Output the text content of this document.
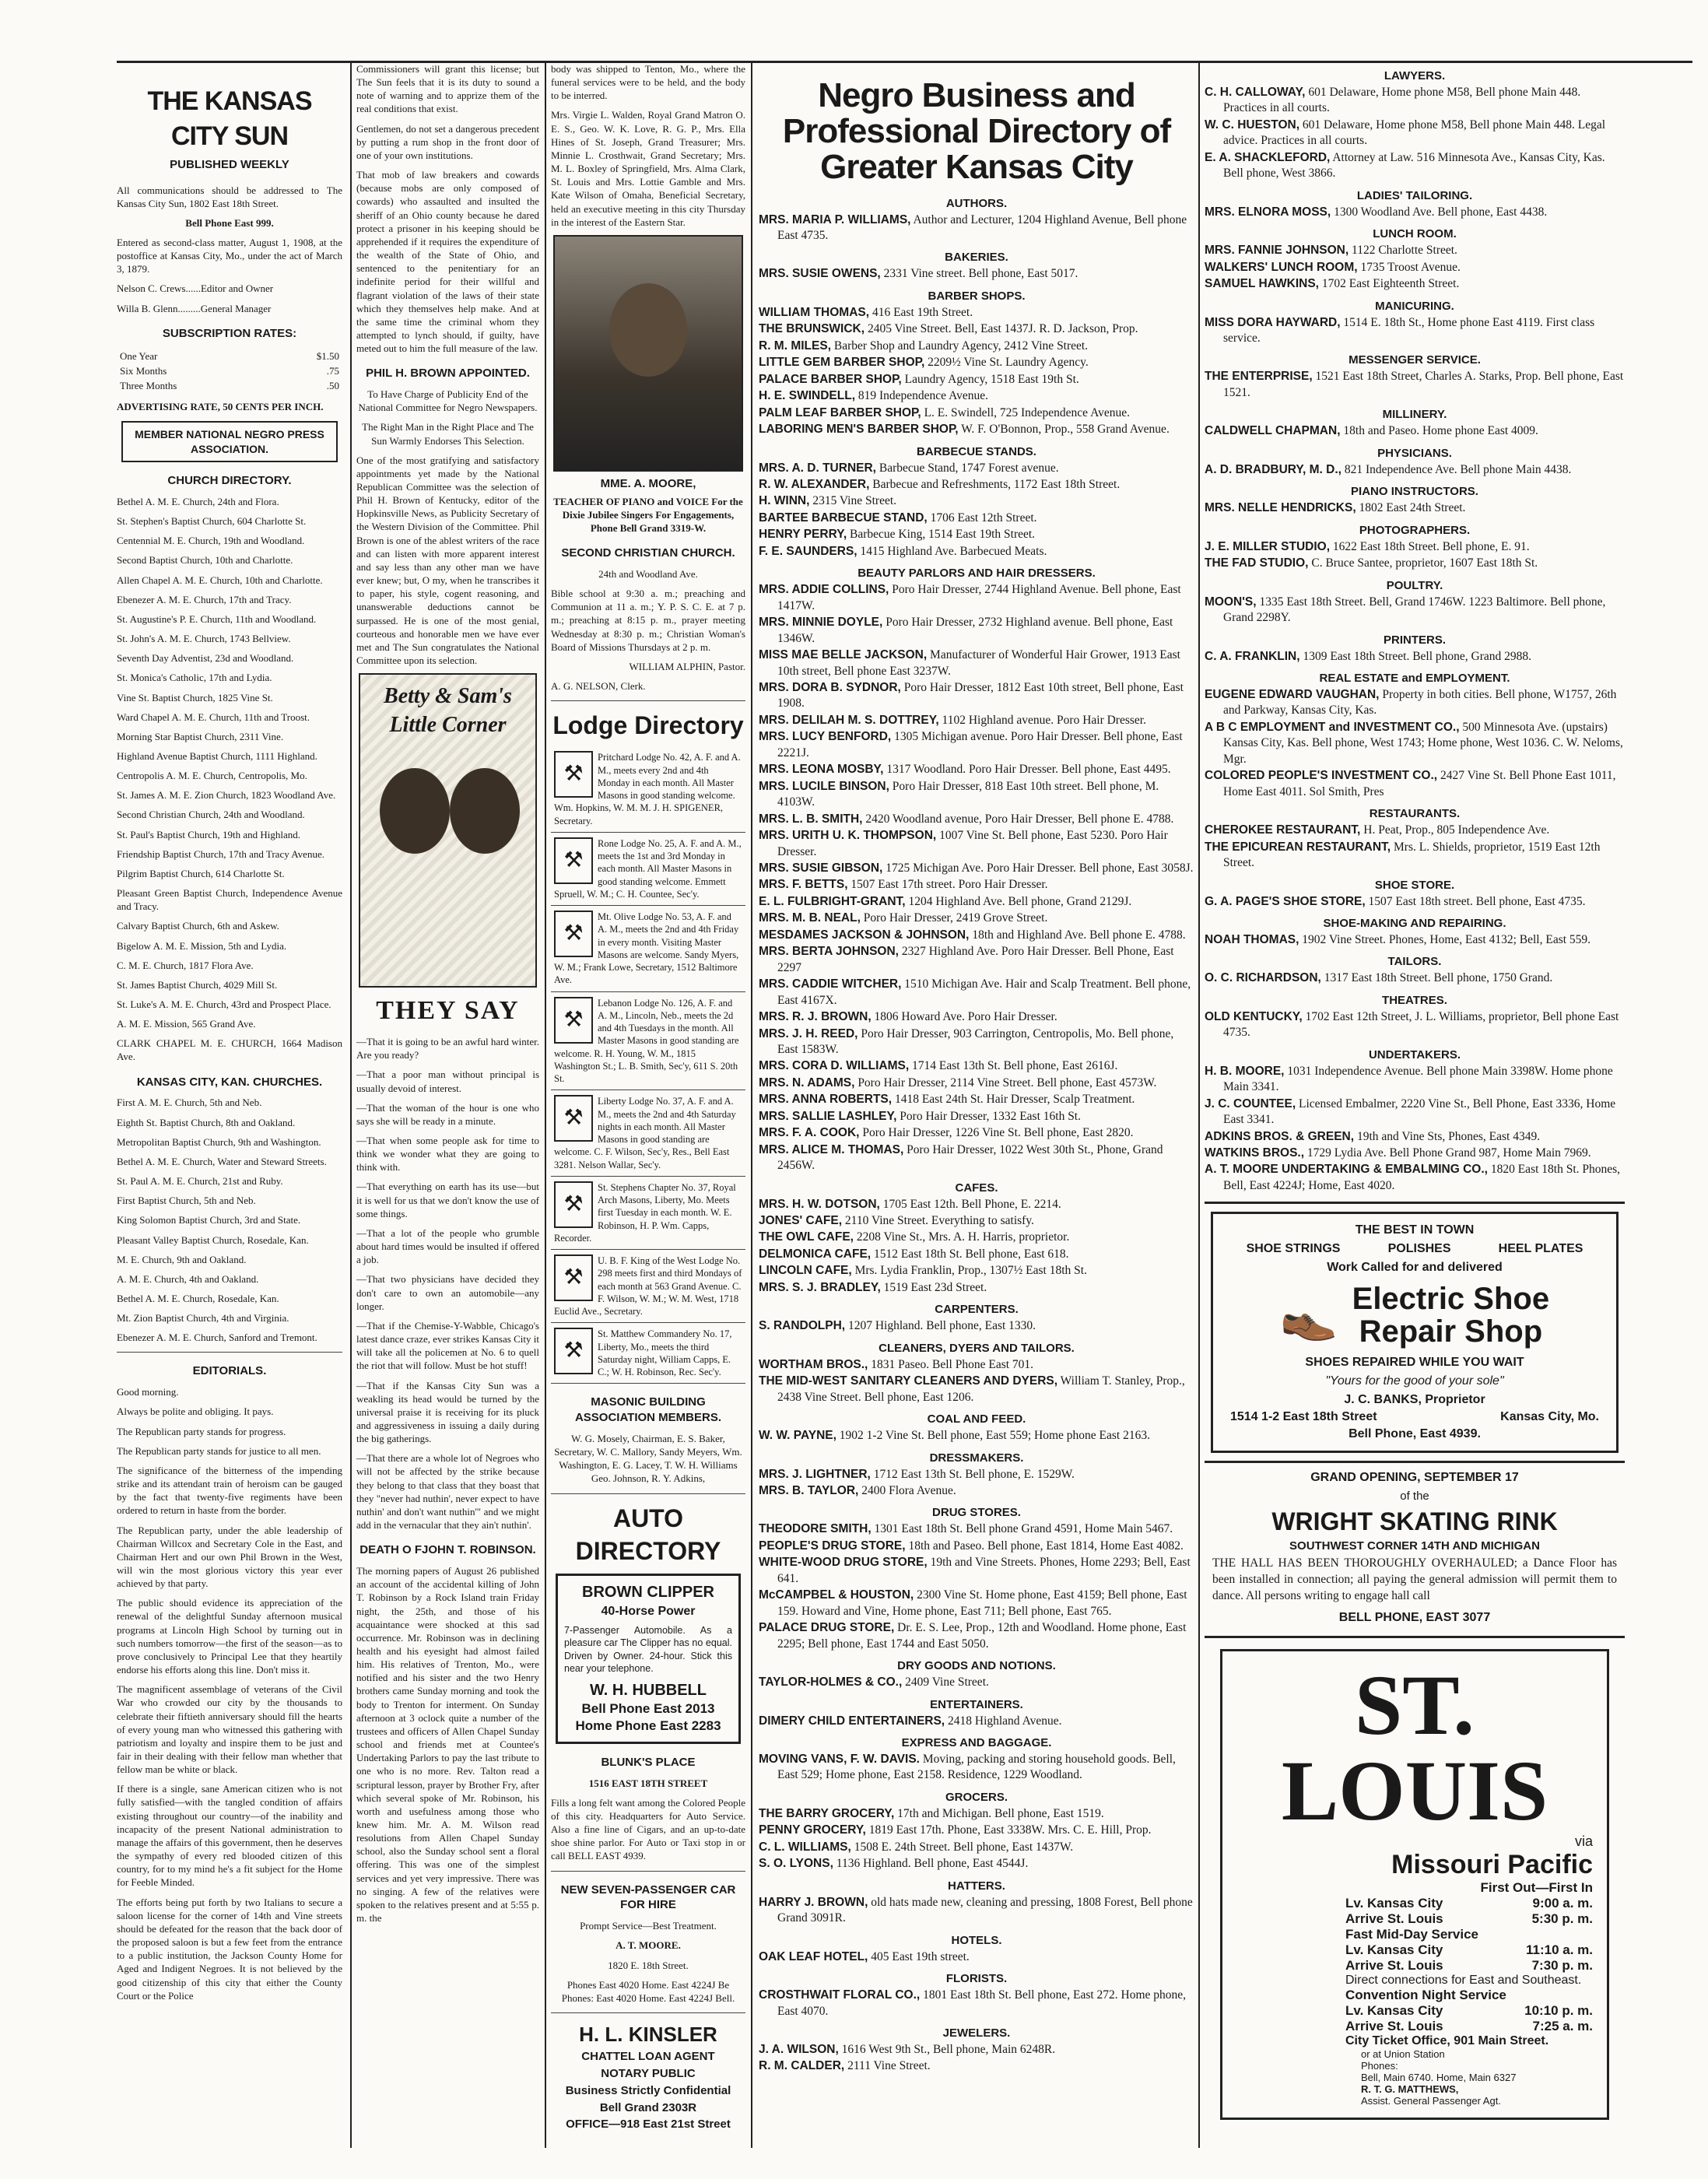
THE KANSAS CITY SUN
PUBLISHED WEEKLY

All communications should be addressed to The Kansas City Sun, 1802 East 18th Street.

Bell Phone East 999.

Entered as second-class matter, August 1, 1908, at the postoffice at Kansas City, Mo., under the act of March 3, 1879.

Nelson C. Crews......Editor and Owner

Willa B. Glenn.........General Manager

SUBSCRIPTION RATES:
One Year	$1.50
Six Months	.75
Three Months	.50

ADVERTISING RATE, 50 CENTS PER INCH.

MEMBER NATIONAL NEGRO PRESS ASSOCIATION.
CHURCH DIRECTORY.

Bethel A. M. E. Church, 24th and Flora.

St. Stephen's Baptist Church, 604 Charlotte St.

Centennial M. E. Church, 19th and Woodland.

Second Baptist Church, 10th and Charlotte.

Allen Chapel A. M. E. Church, 10th and Charlotte.

Ebenezer A. M. E. Church, 17th and Tracy.

St. Augustine's P. E. Church, 11th and Woodland.

St. John's A. M. E. Church, 1743 Bellview.

Seventh Day Adventist, 23d and Woodland.

St. Monica's Catholic, 17th and Lydia.

Vine St. Baptist Church, 1825 Vine St.

Ward Chapel A. M. E. Church, 11th and Troost.

Morning Star Baptist Church, 2311 Vine.

Highland Avenue Baptist Church, 1111 Highland.

Centropolis A. M. E. Church, Centropolis, Mo.

St. James A. M. E. Zion Church, 1823 Woodland Ave.

Second Christian Church, 24th and Woodland.

St. Paul's Baptist Church, 19th and Highland.

Friendship Baptist Church, 17th and Tracy Avenue.

Pilgrim Baptist Church, 614 Charlotte St.

Pleasant Green Baptist Church, Independence Avenue and Tracy.

Calvary Baptist Church, 6th and Askew.

Bigelow A. M. E. Mission, 5th and Lydia.

C. M. E. Church, 1817 Flora Ave.

St. James Baptist Church, 4029 Mill St.

St. Luke's A. M. E. Church, 43rd and Prospect Place.

A. M. E. Mission, 565 Grand Ave.

CLARK CHAPEL M. E. CHURCH, 1664 Madison Ave.

KANSAS CITY, KAN. CHURCHES.

First A. M. E. Church, 5th and Neb.

Eighth St. Baptist Church, 8th and Oakland.

Metropolitan Baptist Church, 9th and Washington.

Bethel A. M. E. Church, Water and Steward Streets.

St. Paul A. M. E. Church, 21st and Ruby.

First Baptist Church, 5th and Neb.

King Solomon Baptist Church, 3rd and State.

Pleasant Valley Baptist Church, Rosedale, Kan.

M. E. Church, 9th and Oakland.

A. M. E. Church, 4th and Oakland.

Bethel A. M. E. Church, Rosedale, Kan.

Mt. Zion Baptist Church, 4th and Virginia.

Ebenezer A. M. E. Church, Sanford and Tremont.

EDITORIALS.

Good morning.

Always be polite and obliging. It pays.

The Republican party stands for progress.

The Republican party stands for justice to all men.

The significance of the bitterness of the impending strike and its attendant train of heroism can be gauged by the fact that twenty-five regiments have been ordered to return in haste from the border.

The Republican party, under the able leadership of Chairman Willcox and Secretary Cole in the East, and Chairman Hert and our own Phil Brown in the West, will win the most glorious victory this year ever achieved by that party.

The public should evidence its appreciation of the renewal of the delightful Sunday afternoon musical programs at Lincoln High School by turning out in such numbers tomorrow—the first of the season—as to prove conclusively to Principal Lee that they heartily endorse his efforts along this line. Don't miss it.

The magnificent assemblage of veterans of the Civil War who crowded our city by the thousands to celebrate their fiftieth anniversary should fill the hearts of every young man who witnessed this gathering with patriotism and loyalty and inspire them to be just and fair in their dealing with their fellow man whether that fellow man be white or black.

If there is a single, sane American citizen who is not fully satisfied—with the tangled condition of affairs existing throughout our country—of the inability and incapacity of the present National administration to manage the affairs of this government, then he deserves the sympathy of every red blooded citizen of this country, for to my mind he's a fit subject for the Home for Feeble Minded.

The efforts being put forth by two Italians to secure a saloon license for the corner of 14th and Vine streets should be defeated for the reason that the back door of the proposed saloon is but a few feet from the entrance to a public institution, the Jackson County Home for Aged and Indigent Negroes. It is not believed by the good citizenship of this city that either the County Court or the Police

Commissioners will grant this license; but The Sun feels that it is its duty to sound a note of warning and to apprize them of the real conditions that exist.

Gentlemen, do not set a dangerous precedent by putting a rum shop in the front door of one of your own institutions.

That mob of law breakers and cowards (because mobs are only composed of cowards) who assaulted and insulted the sheriff of an Ohio county because he dared protect a prisoner in his keeping should be apprehended if it requires the expenditure of the wealth of the State of Ohio, and sentenced to the penitentiary for an indefinite period for their willful and flagrant violation of the laws of their state which they themselves help make. And at the same time the criminal whom they attempted to lynch should, if guilty, have meted out to him the full measure of the law.

PHIL H. BROWN APPOINTED.

To Have Charge of Publicity End of the National Committee for Negro Newspapers.

The Right Man in the Right Place and The Sun Warmly Endorses This Selection.

One of the most gratifying and satisfactory appointments yet made by the National Republican Committee was the selection of Phil H. Brown of Kentucky, editor of the Hopkinsville News, as Publicity Secretary of the Western Division of the Committee. Phil Brown is one of the ablest writers of the race and can listen with more apparent interest and say less than any other man we have ever knew; but, O my, when he transcribes it to paper, his style, cogent reasoning, and unanswerable deductions cannot be surpassed. He is one of the most genial, courteous and honorable men we have ever met and The Sun congratulates the National Committee upon its selection.

Betty & Sam's Little Corner
THEY SAY

—That it is going to be an awful hard winter. Are you ready?

—That a poor man without principal is usually devoid of interest.

—That the woman of the hour is one who says she will be ready in a minute.

—That when some people ask for time to think we wonder what they are going to think with.

—That everything on earth has its use—but it is well for us that we don't know the use of some things.

—That a lot of the people who grumble about hard times would be insulted if offered a job.

—That two physicians have decided they don't care to own an automobile—any longer.

—That if the Chemise-Y-Wabble, Chicago's latest dance craze, ever strikes Kansas City it will take all the policemen at No. 6 to quell the riot that will follow. Must be hot stuff!

—That if the Kansas City Sun was a weakling its head would be turned by the universal praise it is receiving for its pluck and aggressiveness in issuing a daily during the big gatherings.

—That there are a whole lot of Negroes who will not be affected by the strike because they belong to that class that they boast that they "never had nuthin', never expect to have nuthin' and don't want nuthin'" and we might add in the vernacular that they ain't nuthin'.

DEATH O FJOHN T. ROBINSON.

The morning papers of August 26 published an account of the accidental killing of John T. Robinson by a Rock Island train Friday night, the 25th, and those of his acquaintance were shocked at this sad occurrence. Mr. Robinson was in declining health and his eyesight had almost failed him. His relatives of Trenton, Mo., were notified and his sister and the two Henry brothers came Sunday morning and took the body to Trenton for interment. On Sunday afternoon at 3 oclock quite a number of the trustees and officers of Allen Chapel Sunday school and friends met at Countee's Undertaking Parlors to pay the last tribute to one who is no more. Rev. Talton read a scriptural lesson, prayer by Brother Fry, after which several spoke of Mr. Robinson, his worth and usefulness among those who knew him. Mr. A. M. Wilson read resolutions from Allen Chapel Sunday school, also the Sunday school sent a floral offering. This was one of the simplest services and yet very impressive. There was no singing. A few of the relatives were spoken to the relatives present and at 5:55 p. m. the

body was shipped to Tenton, Mo., where the funeral services were to be held, and the body to be interred.

Mrs. Virgie L. Walden, Royal Grand Matron O. E. S., Geo. W. K. Love, R. G. P., Mrs. Ella Hines of St. Joseph, Grand Treasurer; Mrs. Minnie L. Crosthwait, Grand Secretary; Mrs. M. L. Boxley of Springfield, Mrs. Alma Clark, St. Louis and Mrs. Lottie Gamble and Mrs. Kate Wilson of Omaha, Beneficial Secretary, held an executive meeting in this city Thursday in the interest of the Eastern Star.

MME. A. MOORE,

TEACHER OF PIANO and VOICE For the Dixie Jubilee Singers For Engagements, Phone Bell Grand 3319-W.

SECOND CHRISTIAN CHURCH.

24th and Woodland Ave.

Bible school at 9:30 a. m.; preaching and Communion at 11 a. m.; Y. P. S. C. E. at 7 p. m.; preaching at 8:15 p. m., prayer meeting Wednesday at 8:30 p. m.; Christian Woman's Board of Missions Thursdays at 2 p. m.

WILLIAM ALPHIN, Pastor.

A. G. NELSON, Clerk.

Lodge Directory
⚒
Pritchard Lodge No. 42, A. F. and A. M., meets every 2nd and 4th Monday in each month. All Master Masons in good standing welcome. Wm. Hopkins, W. M. M. J. H. SPIGENER, Secretary.
⚒
Rone Lodge No. 25, A. F. and A. M., meets the 1st and 3rd Monday in each month. All Master Masons in good standing welcome. Emmett Spruell, W. M.; C. H. Countee, Sec'y.
⚒
Mt. Olive Lodge No. 53, A. F. and A. M., meets the 2nd and 4th Friday in every month. Visiting Master Masons are welcome. Sandy Myers, W. M.; Frank Lowe, Secretary, 1512 Baltimore Ave.
⚒
Lebanon Lodge No. 126, A. F. and A. M., Lincoln, Neb., meets the 2d and 4th Tuesdays in the month. All Master Masons in good standing are welcome. R. H. Young, W. M., 1815 Washington St.; L. B. Smith, Sec'y, 611 S. 20th St.
⚒
Liberty Lodge No. 37, A. F. and A. M., meets the 2nd and 4th Saturday nights in each month. All Master Masons in good standing are welcome. C. F. Wilson, Sec'y, Res., Bell East 3281. Nelson Wallar, Sec'y.
⚒
St. Stephens Chapter No. 37, Royal Arch Masons, Liberty, Mo. Meets first Tuesday in each month. W. E. Robinson, H. P. Wm. Capps, Recorder.
⚒
U. B. F. King of the West Lodge No. 298 meets first and third Mondays of each month at 563 Grand Avenue. C. F. Wilson, W. M.; W. M. West, 1718 Euclid Ave., Secretary.
⚒
St. Matthew Commandery No. 17, Liberty, Mo., meets the third Saturday night, William Capps, E. C.; W. H. Robinson, Rec. Sec'y.
MASONIC BUILDING ASSOCIATION MEMBERS.

W. G. Mosely, Chairman, E. S. Baker, Secretary, W. C. Mallory, Sandy Meyers, Wm. Washington, E. G. Lacey, T. W. H. Williams Geo. Johnson, R. Y. Adkins,

AUTO DIRECTORY
BROWN CLIPPER
40-Horse Power

7-Passenger Automobile. As a pleasure car The Clipper has no equal. Driven by Owner. 24-hour. Stick this near your telephone.

W. H. HUBBELL
Bell Phone East 2013
Home Phone East 2283
BLUNK'S PLACE

1516 EAST 18TH STREET

Fills a long felt want among the Colored People of this city. Headquarters for Auto Service. Also a fine line of Cigars, and an up-to-date shoe shine parlor. For Auto or Taxi stop in or call BELL EAST 4939.

NEW SEVEN-PASSENGER CAR FOR HIRE

Prompt Service—Best Treatment.

A. T. MOORE.

1820 E. 18th Street.

Phones East 4020 Home. East 4224J Be Phones: East 4020 Home. East 4224J Bell.

H. L. KINSLER
CHATTEL LOAN AGENT
NOTARY PUBLIC
Business Strictly Confidential
Bell Grand 2303R
OFFICE—918 East 21st Street
Negro Business and Professional Directory of Greater Kansas City
AUTHORS.

MRS. MARIA P. WILLIAMS, Author and Lecturer, 1204 Highland Avenue, Bell phone East 4735.

BAKERIES.

MRS. SUSIE OWENS, 2331 Vine street. Bell phone, East 5017.

BARBER SHOPS.

WILLIAM THOMAS, 416 East 19th Street.

THE BRUNSWICK, 2405 Vine Street. Bell, East 1437J. R. D. Jackson, Prop.

R. M. MILES, Barber Shop and Laundry Agency, 2412 Vine Street.

LITTLE GEM BARBER SHOP, 2209½ Vine St. Laundry Agency.

PALACE BARBER SHOP, Laundry Agency, 1518 East 19th St.

H. E. SWINDELL, 819 Independence Avenue.

PALM LEAF BARBER SHOP, L. E. Swindell, 725 Independence Avenue.

LABORING MEN'S BARBER SHOP, W. F. O'Bonnon, Prop., 558 Grand Avenue.

BARBECUE STANDS.

MRS. A. D. TURNER, Barbecue Stand, 1747 Forest avenue.

R. W. ALEXANDER, Barbecue and Refreshments, 1172 East 18th Street.

H. WINN, 2315 Vine Street.

BARTEE BARBECUE STAND, 1706 East 12th Street.

HENRY PERRY, Barbecue King, 1514 East 19th Street.

F. E. SAUNDERS, 1415 Highland Ave. Barbecued Meats.

BEAUTY PARLORS AND HAIR DRESSERS.

MRS. ADDIE COLLINS, Poro Hair Dresser, 2744 Highland Avenue. Bell phone, East 1417W.

MRS. MINNIE DOYLE, Poro Hair Dresser, 2732 Highland avenue. Bell phone, East 1346W.

MISS MAE BELLE JACKSON, Manufacturer of Wonderful Hair Grower, 1913 East 10th street, Bell phone East 3237W.

MRS. DORA B. SYDNOR, Poro Hair Dresser, 1812 East 10th street, Bell phone, East 1908.

MRS. DELILAH M. S. DOTTREY, 1102 Highland avenue. Poro Hair Dresser.

MRS. LUCY BENFORD, 1305 Michigan avenue. Poro Hair Dresser. Bell phone, East 2221J.

MRS. LEONA MOSBY, 1317 Woodland. Poro Hair Dresser. Bell phone, East 4495.

MRS. LUCILE BINSON, Poro Hair Dresser, 818 East 10th street. Bell phone, M. 4103W.

MRS. L. B. SMITH, 2420 Woodland avenue, Poro Hair Dresser, Bell phone E. 4788.

MRS. URITH U. K. THOMPSON, 1007 Vine St. Bell phone, East 5230. Poro Hair Dresser.

MRS. SUSIE GIBSON, 1725 Michigan Ave. Poro Hair Dresser. Bell phone, East 3058J.

MRS. F. BETTS, 1507 East 17th street. Poro Hair Dresser.

E. L. FULBRIGHT-GRANT, 1204 Highland Ave. Bell phone, Grand 2129J.

MRS. M. B. NEAL, Poro Hair Dresser, 2419 Grove Street.

MESDAMES JACKSON & JOHNSON, 18th and Highland Ave. Bell phone E. 4788.

MRS. BERTA JOHNSON, 2327 Highland Ave. Poro Hair Dresser. Bell Phone, East 2297

MRS. CADDIE WITCHER, 1510 Michigan Ave. Hair and Scalp Treatment. Bell phone, East 4167X.

MRS. R. J. BROWN, 1806 Howard Ave. Poro Hair Dresser.

MRS. J. H. REED, Poro Hair Dresser, 903 Carrington, Centropolis, Mo. Bell phone, East 1583W.

MRS. CORA D. WILLIAMS, 1714 East 13th St. Bell phone, East 2616J.

MRS. N. ADAMS, Poro Hair Dresser, 2114 Vine Street. Bell phone, East 4573W.

MRS. ANNA ROBERTS, 1418 East 24th St. Hair Dresser, Scalp Treatment.

MRS. SALLIE LASHLEY, Poro Hair Dresser, 1332 East 16th St.

MRS. F. A. COOK, Poro Hair Dresser, 1226 Vine St. Bell phone, East 2820.

MRS. ALICE M. THOMAS, Poro Hair Dresser, 1022 West 30th St., Phone, Grand 2456W.

CAFES.

MRS. H. W. DOTSON, 1705 East 12th. Bell Phone, E. 2214.

JONES' CAFE, 2110 Vine Street. Everything to satisfy.

THE OWL CAFE, 2208 Vine St., Mrs. A. H. Harris, proprietor.

DELMONICA CAFE, 1512 East 18th St. Bell phone, East 618.

LINCOLN CAFE, Mrs. Lydia Franklin, Prop., 1307½ East 18th St.

MRS. S. J. BRADLEY, 1519 East 23d Street.

CARPENTERS.

S. RANDOLPH, 1207 Highland. Bell phone, East 1330.

CLEANERS, DYERS AND TAILORS.

WORTHAM BROS., 1831 Paseo. Bell Phone East 701.

THE MID-WEST SANITARY CLEANERS AND DYERS, William T. Stanley, Prop., 2438 Vine Street. Bell phone, East 1206.

COAL AND FEED.

W. W. PAYNE, 1902 1-2 Vine St. Bell phone, East 559; Home phone East 2163.

DRESSMAKERS.

MRS. J. LIGHTNER, 1712 East 13th St. Bell phone, E. 1529W.

MRS. B. TAYLOR, 2400 Flora Avenue.

DRUG STORES.

THEODORE SMITH, 1301 East 18th St. Bell phone Grand 4591, Home Main 5467.

PEOPLE'S DRUG STORE, 18th and Paseo. Bell phone, East 1814, Home East 4082.

WHITE-WOOD DRUG STORE, 19th and Vine Streets. Phones, Home 2293; Bell, East 641.

McCAMPBEL & HOUSTON, 2300 Vine St. Home phone, East 4159; Bell phone, East 159. Howard and Vine, Home phone, East 711; Bell phone, East 765.

PALACE DRUG STORE, Dr. E. S. Lee, Prop., 12th and Woodland. Home phone, East 2295; Bell phone, East 1744 and East 5050.

DRY GOODS AND NOTIONS.

TAYLOR-HOLMES & CO., 2409 Vine Street.

ENTERTAINERS.

DIMERY CHILD ENTERTAINERS, 2418 Highland Avenue.

EXPRESS AND BAGGAGE.

MOVING VANS, F. W. DAVIS. Moving, packing and storing household goods. Bell, East 529; Home phone, East 2158. Residence, 1229 Woodland.

GROCERS.

THE BARRY GROCERY, 17th and Michigan. Bell phone, East 1519.

PENNY GROCERY, 1819 East 17th. Phone, East 3338W. Mrs. C. E. Hill, Prop.

C. L. WILLIAMS, 1508 E. 24th Street. Bell phone, East 1437W.

S. O. LYONS, 1136 Highland. Bell phone, East 4544J.

HATTERS.

HARRY J. BROWN, old hats made new, cleaning and pressing, 1808 Forest, Bell phone Grand 3091R.

HOTELS.

OAK LEAF HOTEL, 405 East 19th street.

FLORISTS.

CROSTHWAIT FLORAL CO., 1801 East 18th St. Bell phone, East 272. Home phone, East 4070.

JEWELERS.

J. A. WILSON, 1616 West 9th St., Bell phone, Main 6248R.

R. M. CALDER, 2111 Vine Street.

LAWYERS.

C. H. CALLOWAY, 601 Delaware, Home phone M58, Bell phone Main 448. Practices in all courts.

W. C. HUESTON, 601 Delaware, Home phone M58, Bell phone Main 448. Legal advice. Practices in all courts.

E. A. SHACKLEFORD, Attorney at Law. 516 Minnesota Ave., Kansas City, Kas. Bell phone, West 3866.

LADIES' TAILORING.

MRS. ELNORA MOSS, 1300 Woodland Ave. Bell phone, East 4438.

LUNCH ROOM.

MRS. FANNIE JOHNSON, 1122 Charlotte Street.

WALKERS' LUNCH ROOM, 1735 Troost Avenue.

SAMUEL HAWKINS, 1702 East Eighteenth Street.

MANICURING.

MISS DORA HAYWARD, 1514 E. 18th St., Home phone East 4119. First class service.

MESSENGER SERVICE.

THE ENTERPRISE, 1521 East 18th Street, Charles A. Starks, Prop. Bell phone, East 1521.

MILLINERY.

CALDWELL CHAPMAN, 18th and Paseo. Home phone East 4009.

PHYSICIANS.

A. D. BRADBURY, M. D., 821 Independence Ave. Bell phone Main 4438.

PIANO INSTRUCTORS.

MRS. NELLE HENDRICKS, 1802 East 24th Street.

PHOTOGRAPHERS.

J. E. MILLER STUDIO, 1622 East 18th Street. Bell phone, E. 91.

THE FAD STUDIO, C. Bruce Santee, proprietor, 1607 East 18th St.

POULTRY.

MOON'S, 1335 East 18th Street. Bell, Grand 1746W. 1223 Baltimore. Bell phone, Grand 2298Y.

PRINTERS.

C. A. FRANKLIN, 1309 East 18th Street. Bell phone, Grand 2988.

REAL ESTATE and EMPLOYMENT.

EUGENE EDWARD VAUGHAN, Property in both cities. Bell phone, W1757, 26th and Parkway, Kansas City, Kas.

A B C EMPLOYMENT and INVESTMENT CO., 500 Minnesota Ave. (upstairs) Kansas City, Kas. Bell phone, West 1743; Home phone, West 1036. C. W. Neloms, Mgr.

COLORED PEOPLE'S INVESTMENT CO., 2427 Vine St. Bell Phone East 1011, Home East 4011. Sol Smith, Pres

RESTAURANTS.

CHEROKEE RESTAURANT, H. Peat, Prop., 805 Independence Ave.

THE EPICUREAN RESTAURANT, Mrs. L. Shields, proprietor, 1519 East 12th Street.

SHOE STORE.

G. A. PAGE'S SHOE STORE, 1507 East 18th street. Bell phone, East 4735.

SHOE-MAKING AND REPAIRING.

NOAH THOMAS, 1902 Vine Street. Phones, Home, East 4132; Bell, East 559.

TAILORS.

O. C. RICHARDSON, 1317 East 18th Street. Bell phone, 1750 Grand.

THEATRES.

OLD KENTUCKY, 1702 East 12th Street, J. L. Williams, proprietor, Bell phone East 4735.

UNDERTAKERS.

H. B. MOORE, 1031 Independence Avenue. Bell phone Main 3398W. Home phone Main 3341.

J. C. COUNTEE, Licensed Embalmer, 2220 Vine St., Bell Phone, East 3336, Home East 3341.

ADKINS BROS. & GREEN, 19th and Vine Sts, Phones, East 4349.

WATKINS BROS., 1729 Lydia Ave. Bell Phone Grand 987, Home Main 7969.

A. T. MOORE UNDERTAKING & EMBALMING CO., 1820 East 18th St. Phones, Bell, East 4224J; Home, East 4020.

THE BEST IN TOWN
SHOE STRINGS	POLISHES	HEEL PLATES
Work Called for and delivered
👞 Electric Shoe
Repair Shop
SHOES REPAIRED WHILE YOU WAIT
"Yours for the good of your sole"
J. C. BANKS, Proprietor
1514 1-2 East 18th Street	Kansas City, Mo.
Bell Phone, East 4939.
GRAND OPENING, SEPTEMBER 17
of the
WRIGHT SKATING RINK
SOUTHWEST CORNER 14TH AND MICHIGAN

THE HALL HAS BEEN THOROUGHLY OVERHAULED; a Dance Floor has been installed in connection; all paying the general admission will permit them to dance. All persons writing to engage hall call

BELL PHONE, EAST 3077
ST. LOUIS
via
Missouri Pacific
First Out—First In
Lv. Kansas City	9:00 a. m.
Arrive St. Louis	5:30 p. m.
Fast Mid-Day Service
Lv. Kansas City	11:10 a. m.
Arrive St. Louis	7:30 p. m.
Direct connections for East and Southeast.
Convention Night Service
Lv. Kansas City	10:10 p. m.
Arrive St. Louis	7:25 a. m.
City Ticket Office, 901 Main Street.
or at Union Station
Phones:
Bell, Main 6740. Home, Main 6327
R. T. G. MATTHEWS,
Assist. General Passenger Agt.
